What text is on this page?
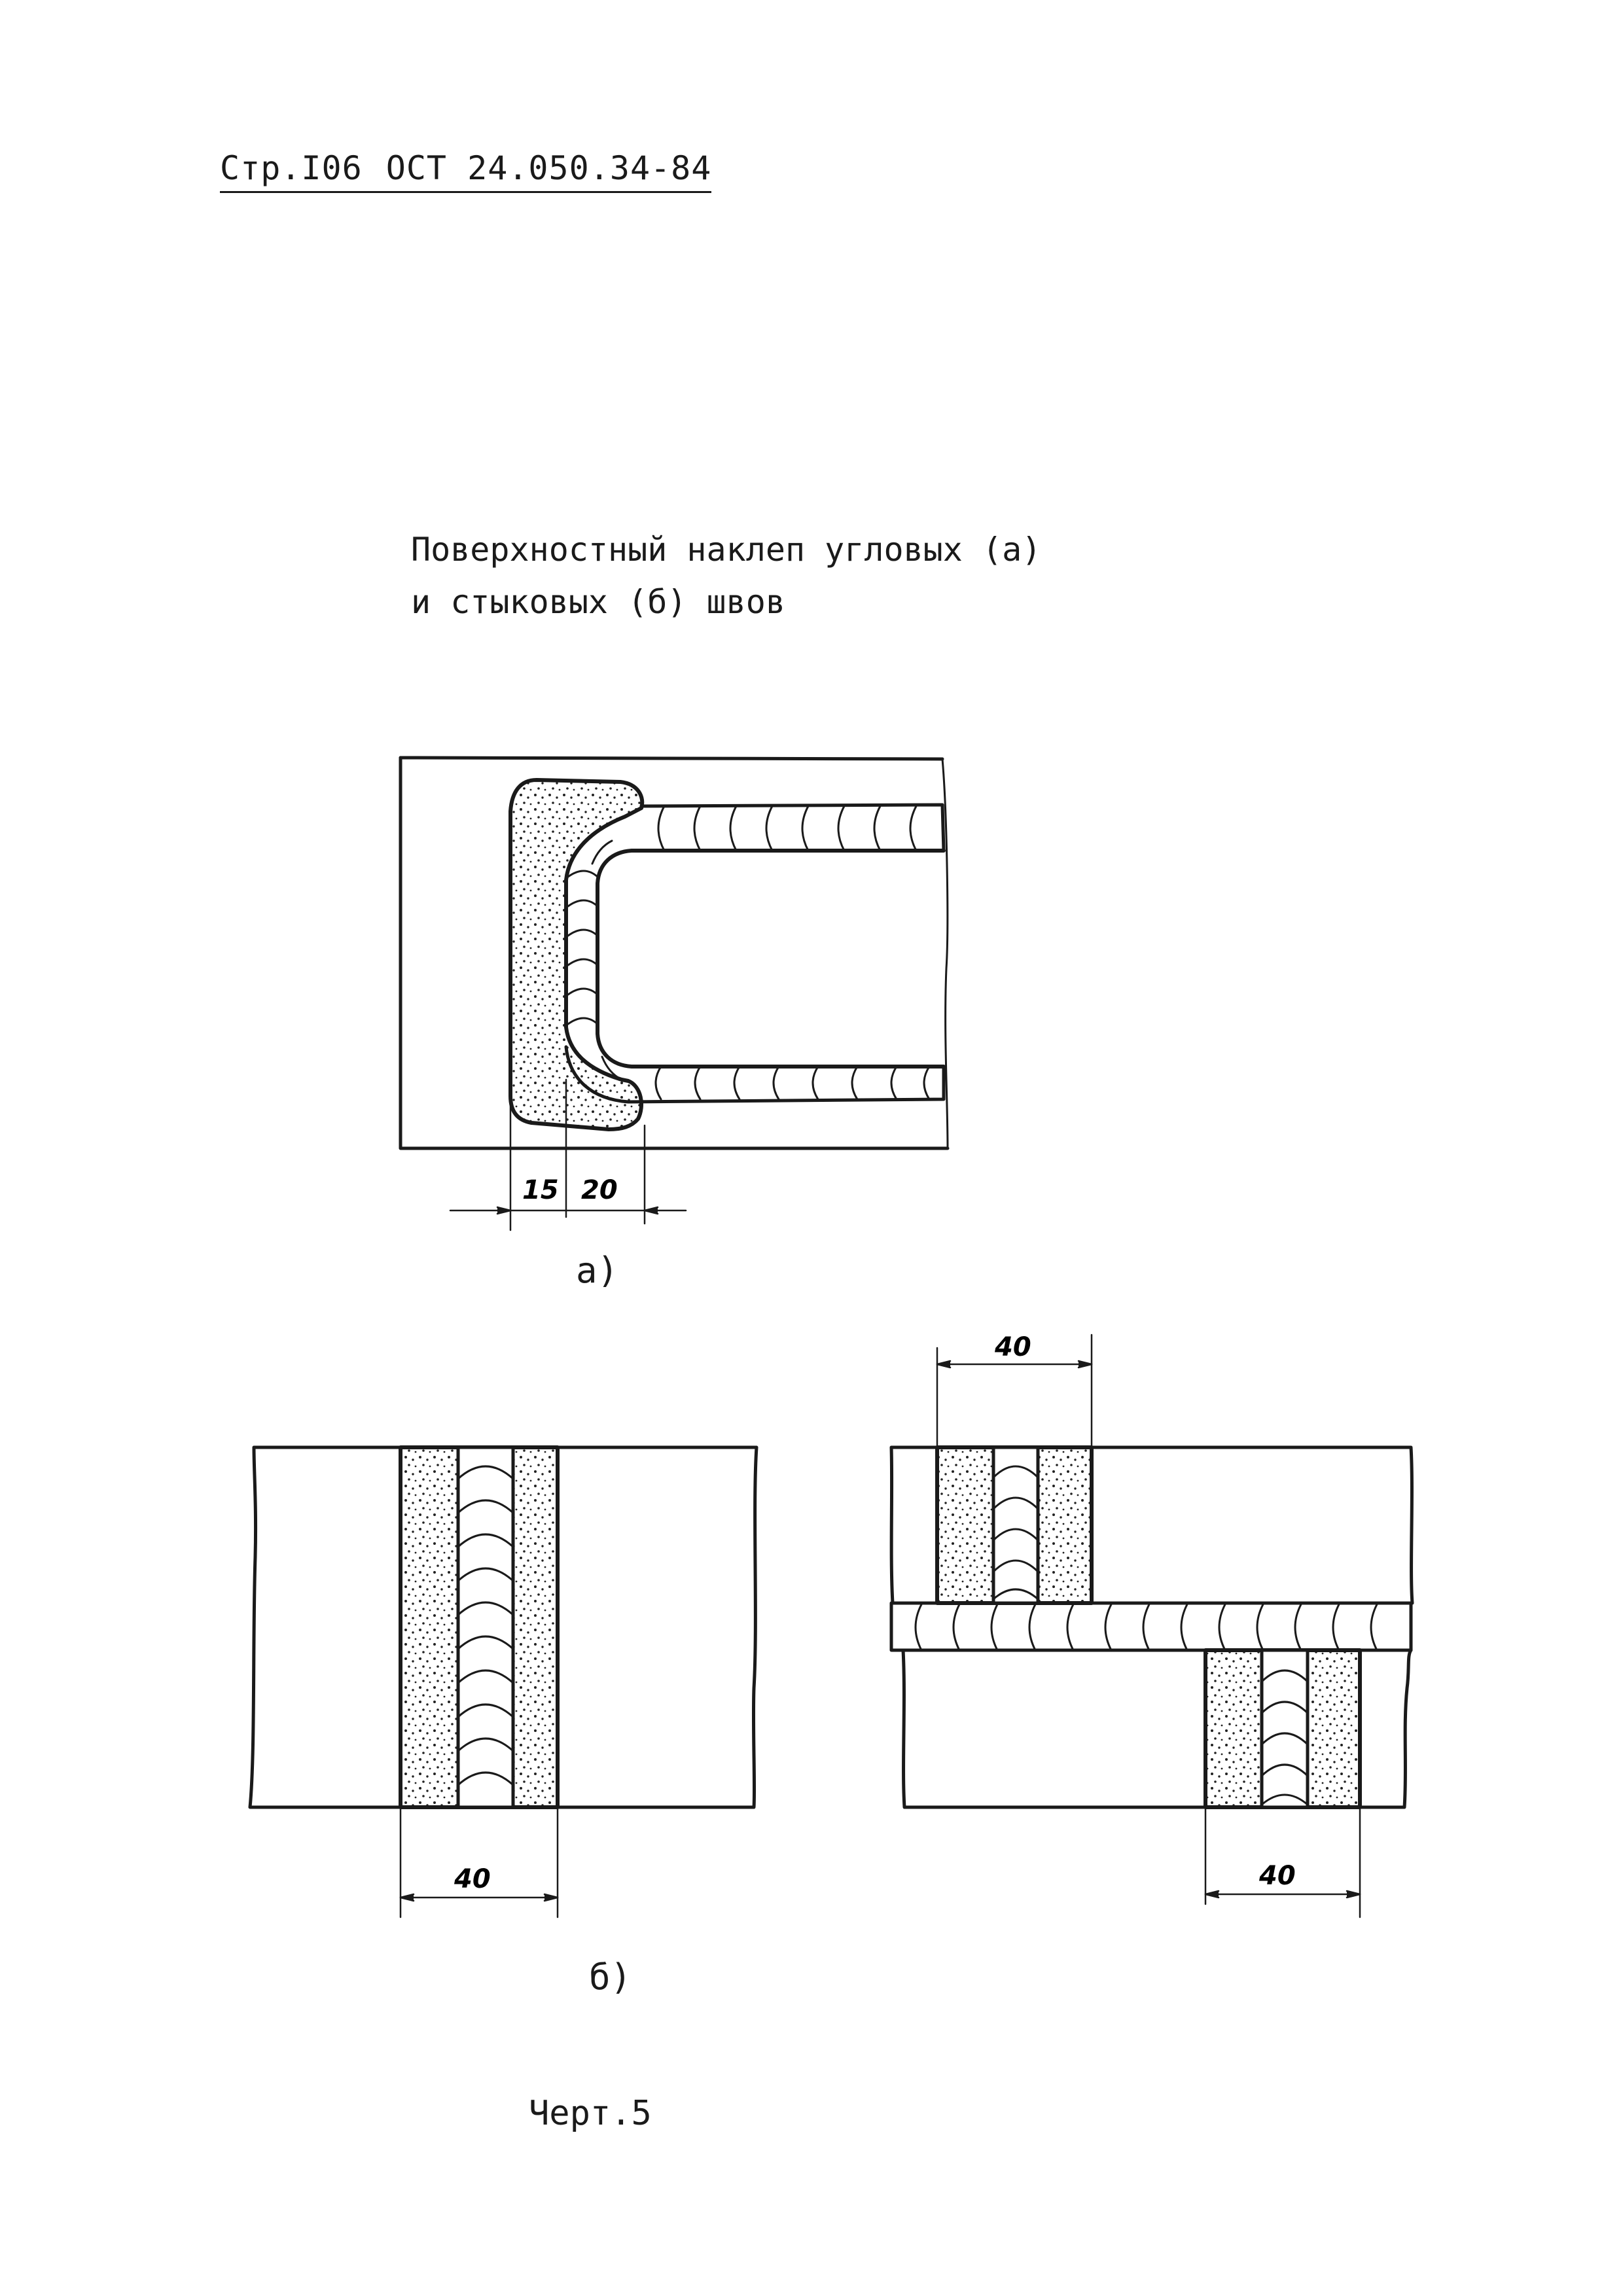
Стр.I06 ОСТ 24.050.34-84
Поверхностный наклеп угловых (а)
и стыковых (б) швов
15 20
40
40
40
а)
б)
Черт.5
